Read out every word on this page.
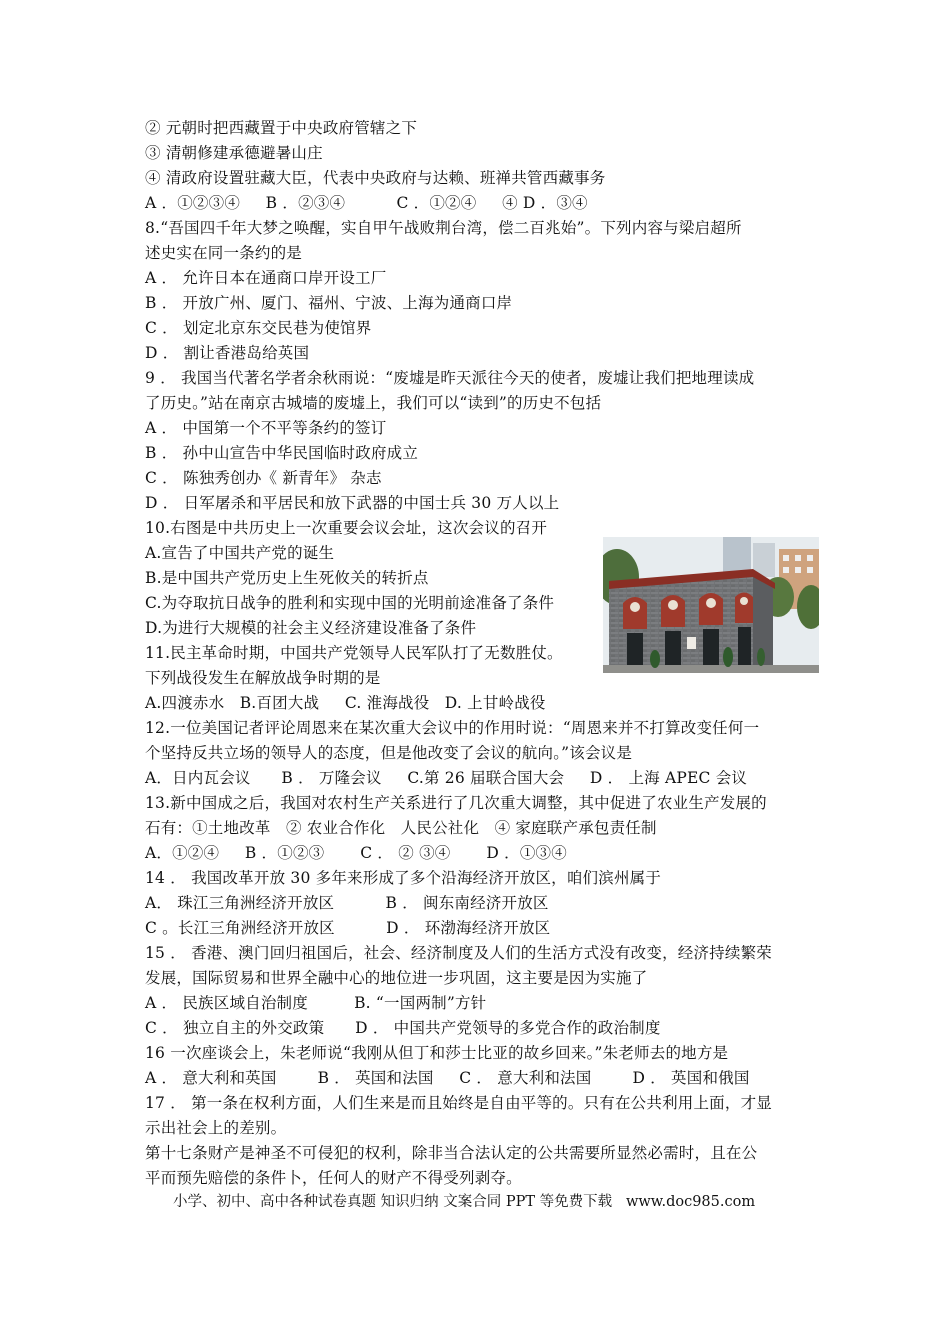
② 元朝时把西藏置于中央政府管辖之下
③ 清朝修建承德避暑山庄
④ 清政府设置驻藏大臣，代表中央政府与达赖、班禅共管西藏事务
A ．①②③④     B ．②③④          C ．①②④     ④ D ．③④
8.“吾国四千年大梦之唤醒，实自甲午战败荆台湾，偿二百兆始”。下列内容与梁启超所
述史实在同一条约的是
A ． 允许日本在通商口岸开设工厂
B ． 开放广州、厦门、福州、宁波、上海为通商口岸
C ． 划定北京东交民巷为使馆界
D ． 割让香港岛给英国
9 ． 我国当代著名学者余秋雨说：“废墟是昨天派往今天的使者，废墟让我们把地理读成
了历史。”站在南京古城墙的废墟上，我们可以“读到”的历史不包括
A ． 中国第一个不平等条约的签订
B ． 孙中山宣告中华民国临时政府成立
C ． 陈独秀创办《 新青年》 杂志
D ． 日军屠杀和平居民和放下武器的中国士兵 30 万人以上
10.右图是中共历史上一次重要会议会址，这次会议的召开
A.宣告了中国共产党的诞生
B.是中国共产党历史上生死攸关的转折点
C.为夺取抗日战争的胜利和实现中国的光明前途准备了条件
D.为进行大规模的社会主义经济建设准备了条件
11.民主革命时期，中国共产党领导人民军队打了无数胜仗。
下列战役发生在解放战争时期的是
A.四渡赤水   B.百团大战     C. 淮海战役   D. 上甘岭战役
12.一位美国记者评论周恩来在某次重大会议中的作用时说：“周恩来并不打算改变任何一
个坚持反共立场的领导人的态度，但是他改变了会议的航向。”该会议是
A．日内瓦会议      B ． 万隆会议     C.第 26 届联合国大会     D ． 上海 APEC 会议
13.新中国成之后，我国对农村生产关系进行了几次重大调整，其中促进了农业生产发展的
石有：①土地改革   ② 农业合作化   人民公社化   ④ 家庭联产承包责任制
A．①②④     B ．①②③       C ． ② ③④       D ．①③④
14 ． 我国改革开放 30 多年来形成了多个沿海经济开放区，咱们滨州属于
A． 珠江三角洲经济开放区          B ． 闽东南经济开放区
C 。长江三角洲经济开放区          D ． 环渤海经济开放区
15 ． 香港、澳门回归祖国后，社会、经济制度及人们的生活方式没有改变，经济持续繁荣
发展，国际贸易和世界全融中心的地位进一步巩固，这主要是因为实施了
A ． 民族区域自治制度         B. “一国两制”方针
C ． 独立自主的外交政策      D ． 中国共产党领导的多党合作的政治制度
16 一次座谈会上，朱老师说“我刚从但丁和莎士比亚的故乡回来。”朱老师去的地方是
A ． 意大利和英国        B ． 英国和法国     C ． 意大利和法国        D ． 英国和俄国
17 ． 第一条在权利方面，人们生来是而且始终是自由平等的。只有在公共利用上面，才显
示出社会上的差别。
第十七条财产是神圣不可侵犯的权利，除非当合法认定的公共需要所显然必需时，且在公
平而预先赔偿的条件卜，任何人的财产不得受列剥夺。
小学、初中、高中各种试卷真题 知识归纳 文案合同 PPT 等免费下载   www.doc985.com
